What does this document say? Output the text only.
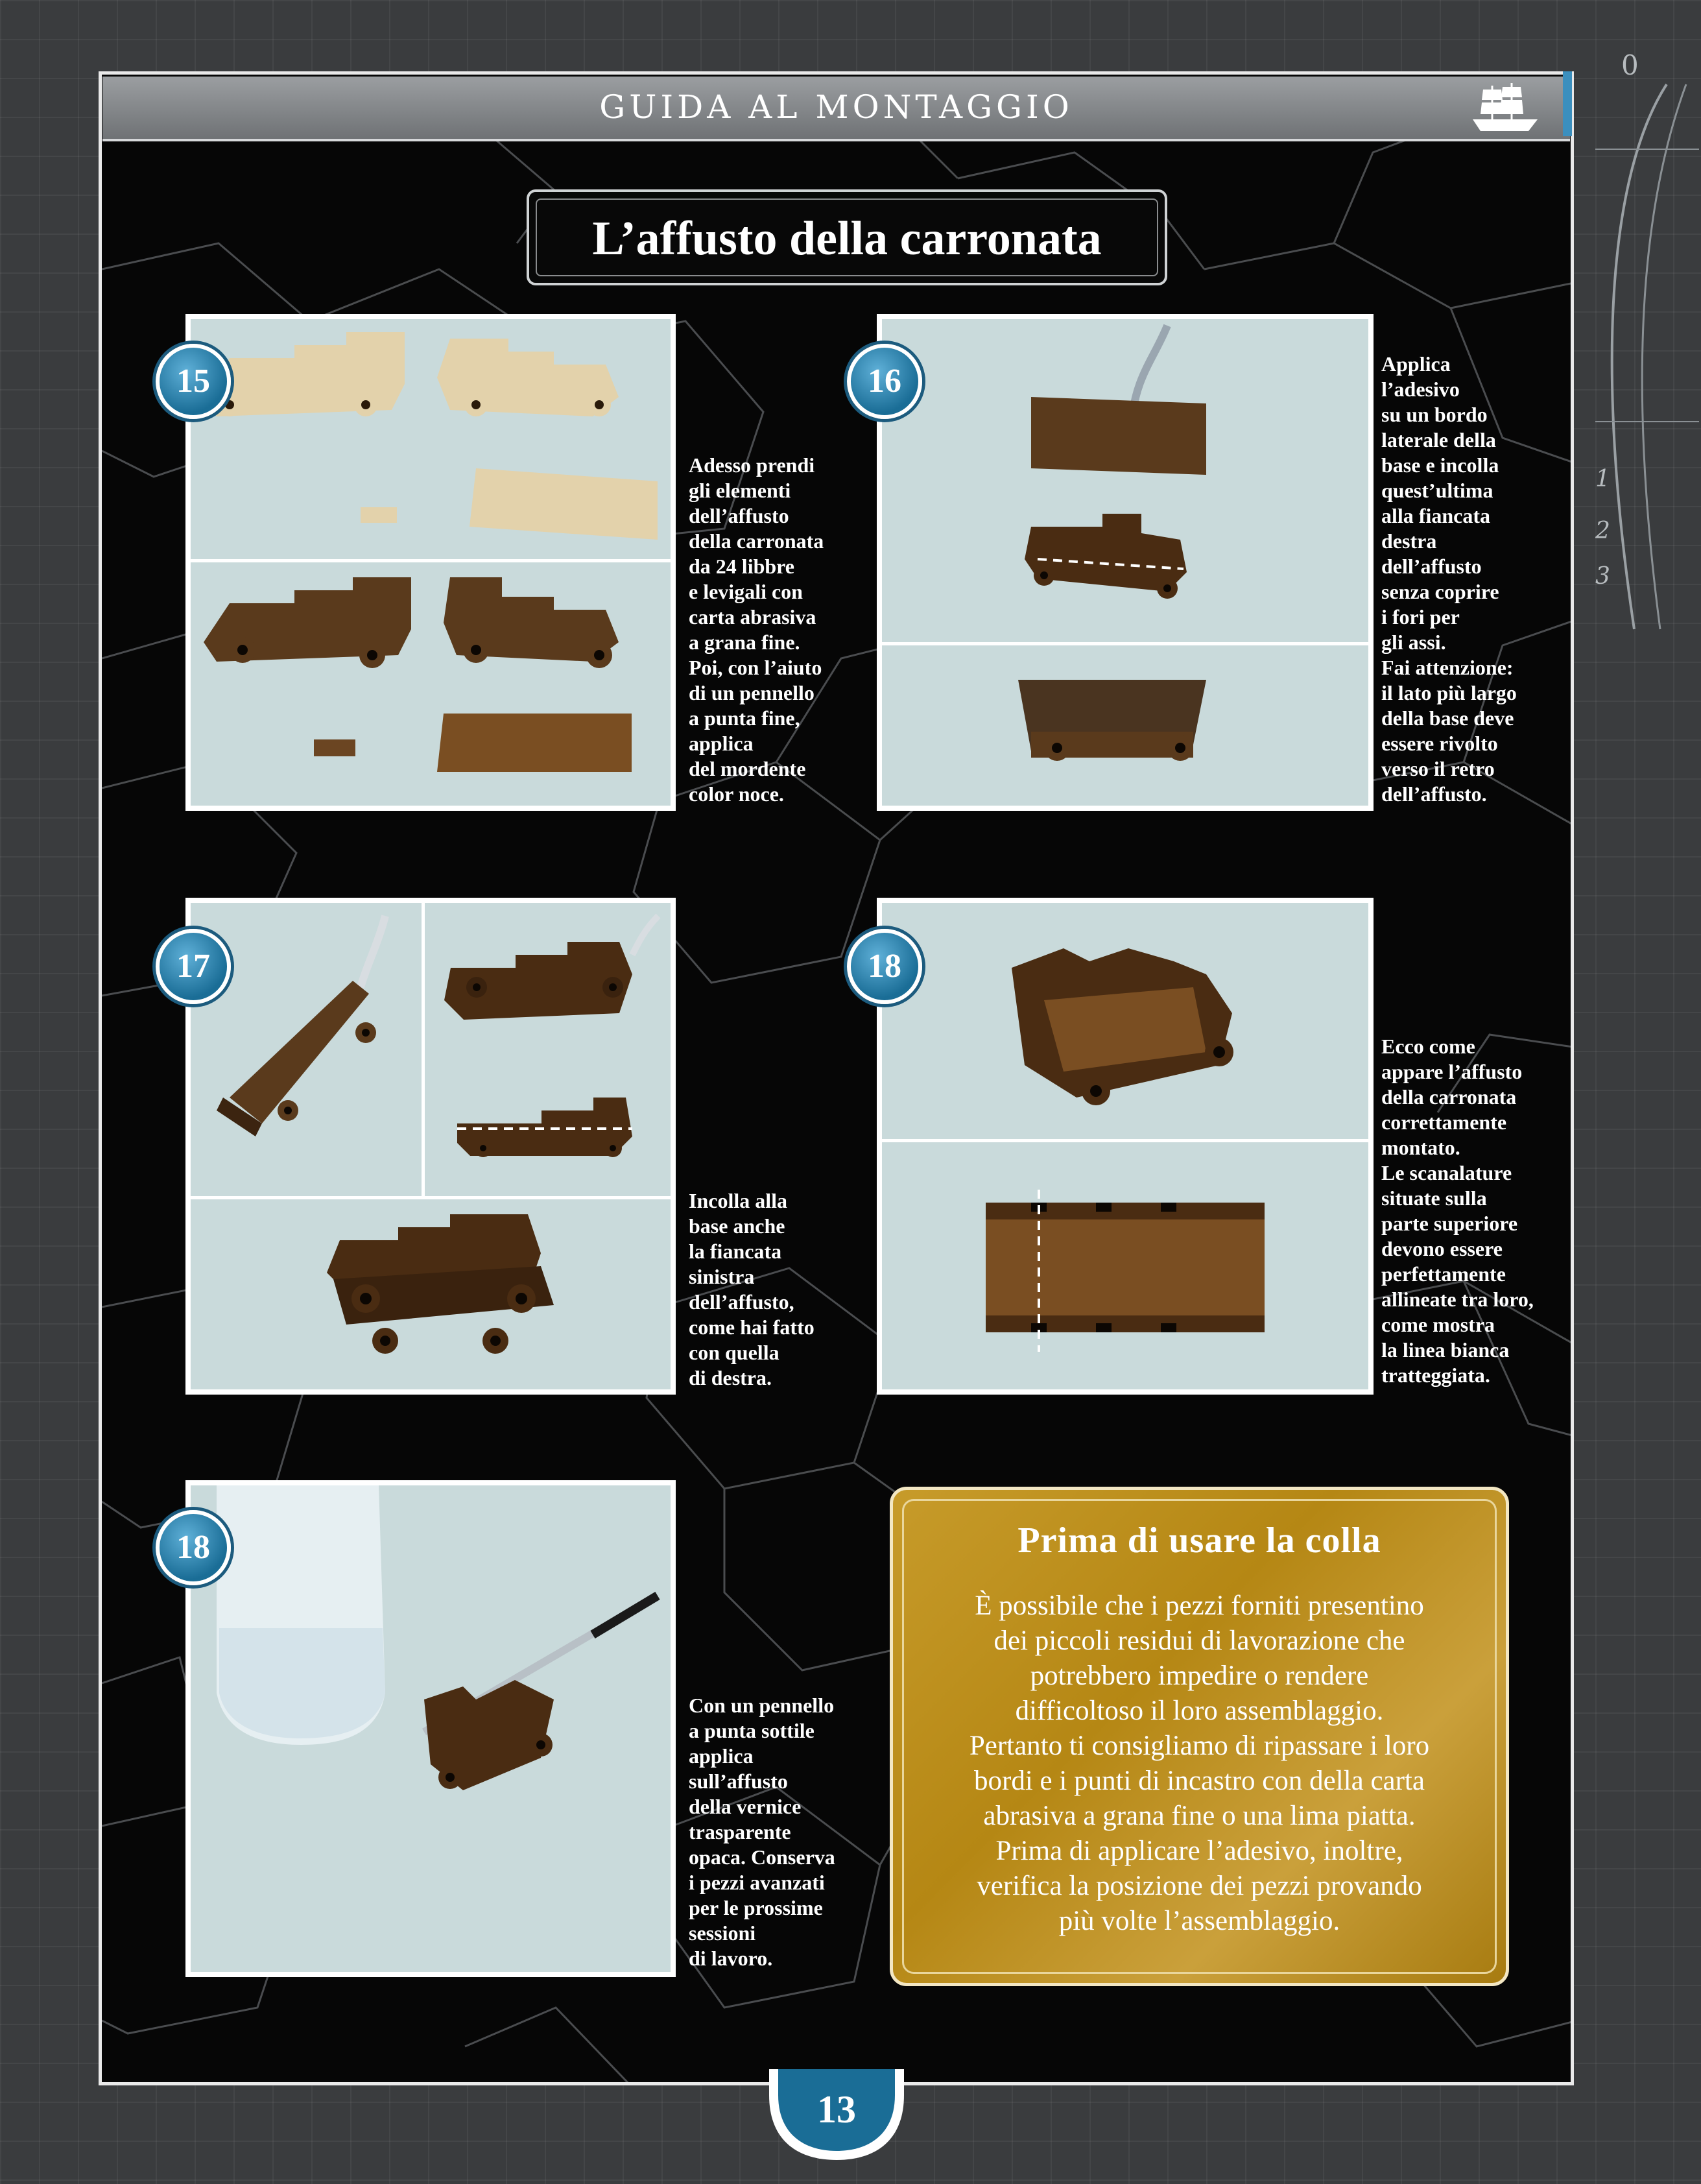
0
1
2
3
GUIDA AL MONTAGGIO
L’affusto della carronata
15
Adesso prendi
gli elementi
dell’affusto
della carronata
da 24 libbre
e levigali con
carta abrasiva
a grana fine.
Poi, con l’aiuto
di un pennello
a punta fine,
applica
del mordente
color noce.
16	Applica
l’adesivo
su un bordo
laterale della
base e incolla
quest’ultima
alla fiancata
destra
dell’affusto
senza coprire
i fori per
gli assi.
Fai attenzione:
il lato più largo
della base deve
essere rivolto
verso il retro
dell’affusto.
17
Incolla alla
base anche
la fiancata
sinistra
dell’affusto,
come hai fatto
con quella
di destra.
18
Ecco come
appare l’affusto
della carronata
correttamente
montato.
Le scanalature
situate sulla
parte superiore
devono essere
perfettamente
allineate tra loro,
come mostra
la linea bianca
tratteggiata.
18
Con un pennello
a punta sottile
applica
sull’affusto
della vernice
trasparente
opaca. Conserva
i pezzi avanzati
per le prossime
sessioni
di lavoro.
Prima di usare la colla
È possibile che i pezzi forniti presentino
dei piccoli residui di lavorazione che
potrebbero impedire o rendere
difficoltoso il loro assemblaggio.
Pertanto ti consigliamo di ripassare i loro
bordi e i punti di incastro con della carta
abrasiva a grana fine o una lima piatta.
Prima di applicare l’adesivo, inoltre,
verifica la posizione dei pezzi provando
più volte l’assemblaggio.
13
